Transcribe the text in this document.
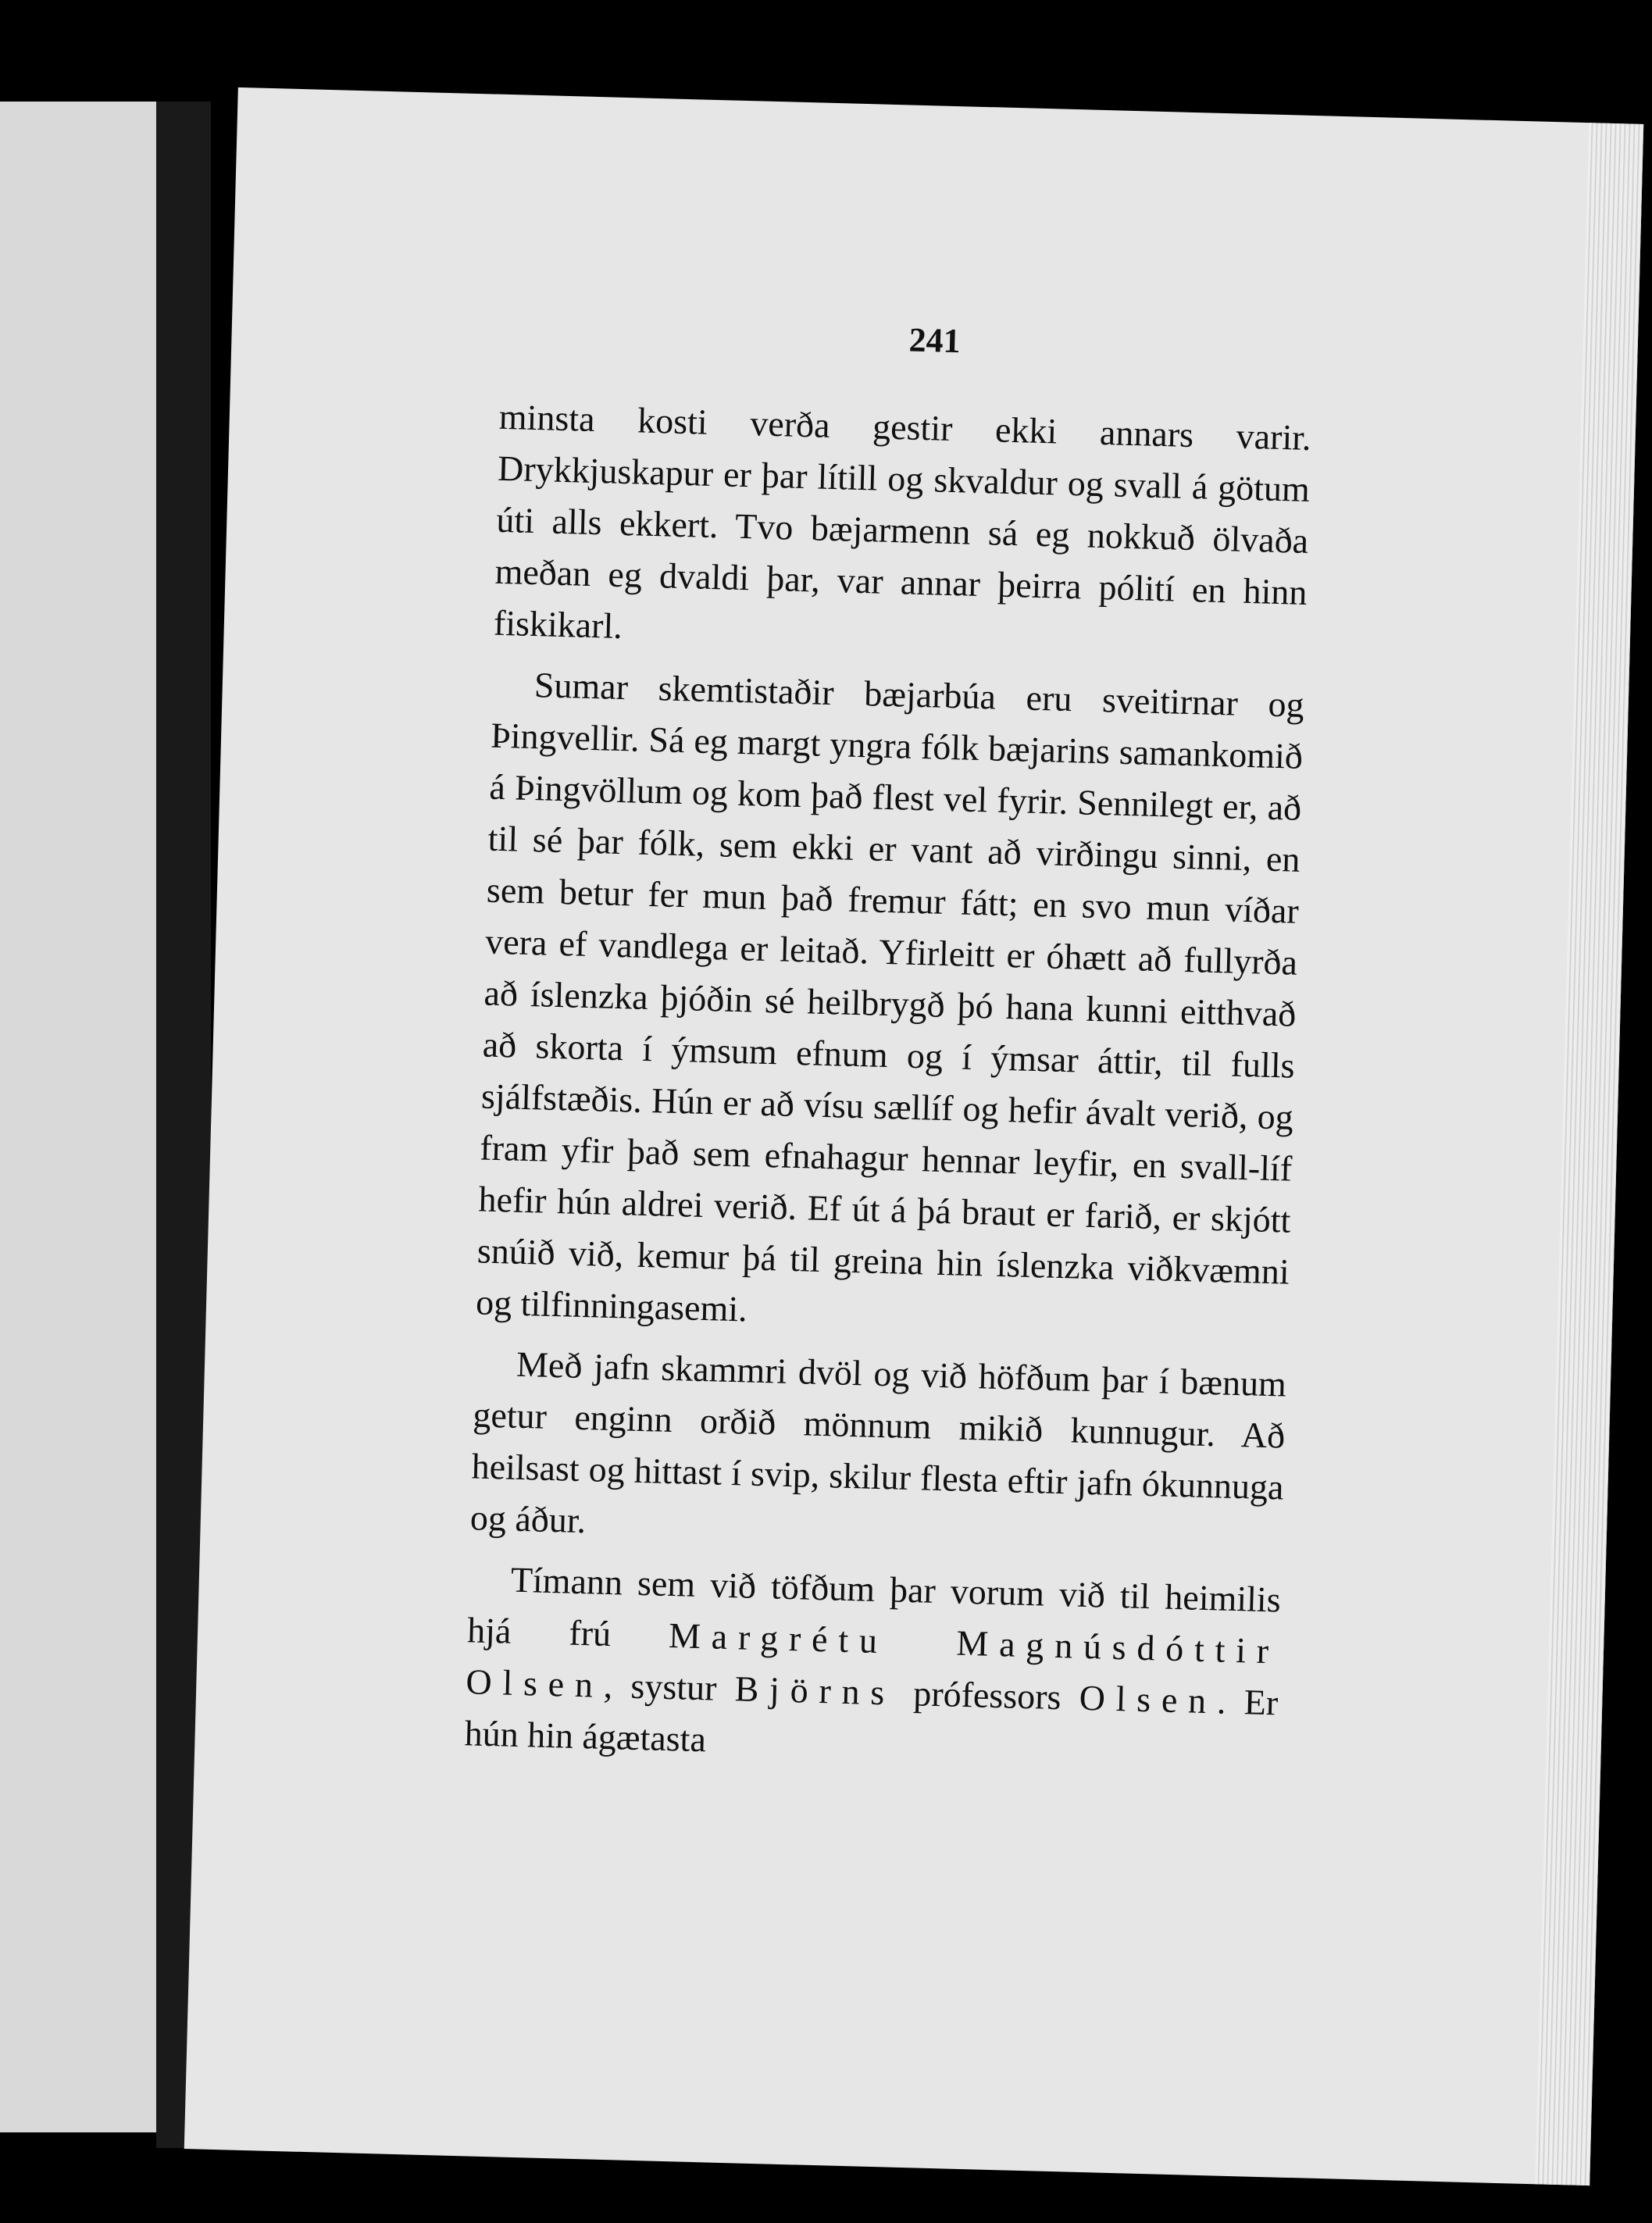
241

minsta kosti verða gestir ekki annars varir. Drykkjuskapur er þar lítill og skvaldur og svall á götum úti alls ekkert. Tvo bæjarmenn sá eg nokkuð ölvaða meðan eg dvaldi þar, var annar þeirra pólití en hinn fiskikarl.

Sumar skemtistaðir bæjarbúa eru sveitirnar og Þingvellir. Sá eg margt yngra fólk bæjarins samankomið á Þingvöllum og kom það flest vel fyrir. Sennilegt er, að til sé þar fólk, sem ekki er vant að virðingu sinni, en sem betur fer mun það fremur fátt; en svo mun víðar vera ef vandlega er leitað. Yfirleitt er óhætt að fullyrða að íslenzka þjóðin sé heilbrygð þó hana kunni eitthvað að skorta í ýmsum efnum og í ýmsar áttir, til fulls sjálfstæðis. Hún er að vísu sællíf og hefir ávalt verið, og fram yfir það sem efnahagur hennar leyfir, en svall-líf hefir hún aldrei verið. Ef út á þá braut er farið, er skjótt snúið við, kemur þá til greina hin íslenzka viðkvæmni og tilfinningasemi.

Með jafn skammri dvöl og við höfðum þar í bænum getur enginn orðið mönnum mikið kunnugur. Að heilsast og hittast í svip, skilur flesta eftir jafn ókunnuga og áður.

Tímann sem við töfðum þar vorum við til heimilis hjá frú Margrétu Magnúsdóttir Olsen, systur Björns prófessors Olsen. Er hún hin ágætasta
